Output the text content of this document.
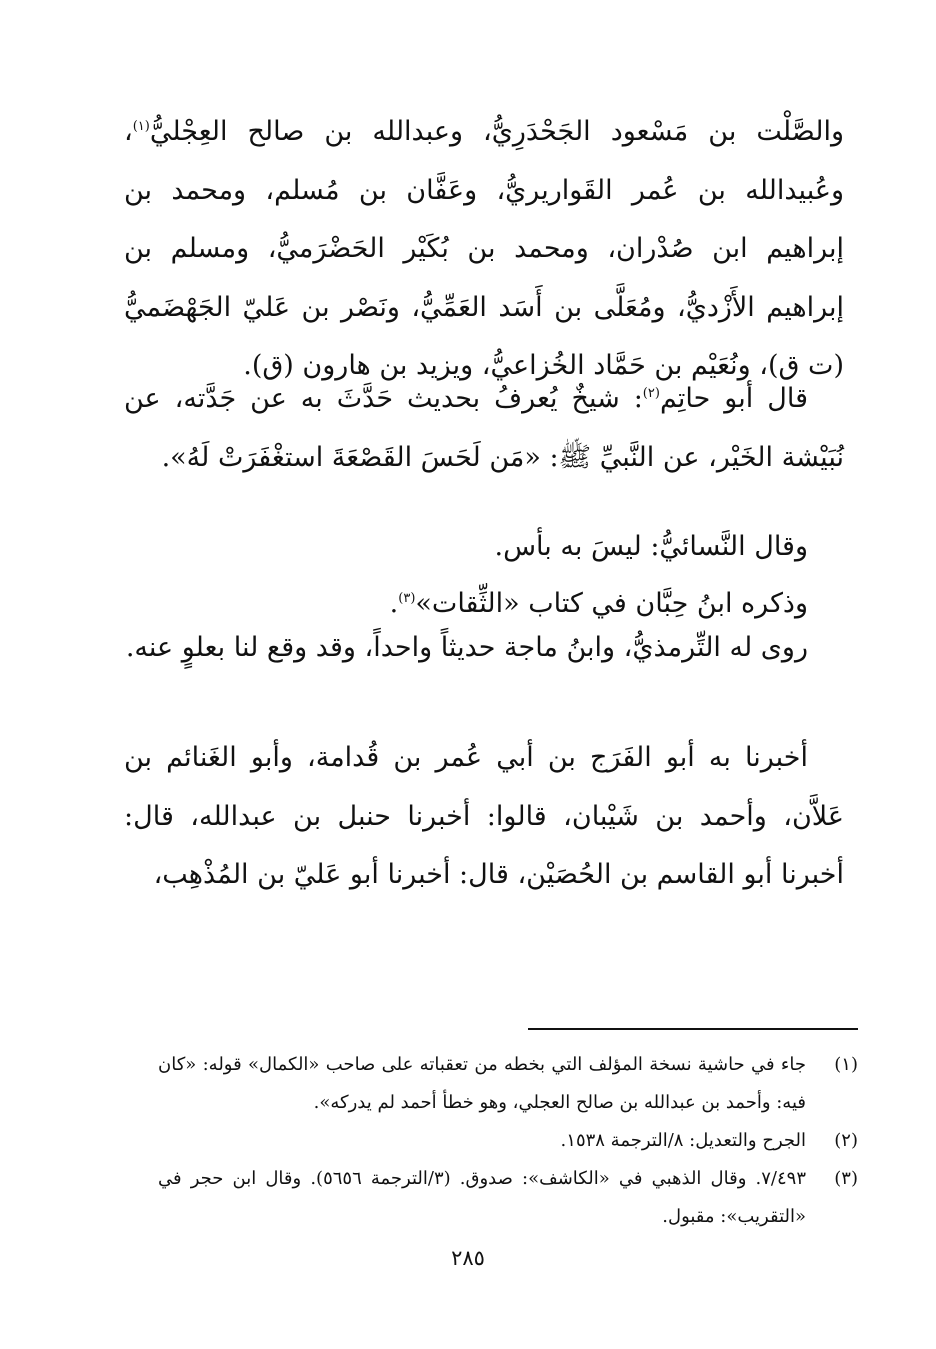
والصَّلْت بن مَسْعود الجَحْدَرِيُّ، وعبدالله بن صالح العِجْليُّ$^{(١)}$، وعُبيدالله بن عُمر القَواريريُّ، وعَفَّان بن مُسلم، ومحمد بن إبراهيم ابن صُدْران، ومحمد بن بُكَيْر الحَضْرَميُّ، ومسلم بن إبراهيم الأَزْديُّ، ومُعَلَّى بن أَسَد العَمِّيُّ، ونَصْر بن عَليّ الجَهْضَميُّ (ت ق)، ونُعَيْم بن حَمَّاد الخُزاعيُّ، ويزيد بن هارون (ق).

قال أبو حاتِم$^{(٢)}$: شيخٌ يُعرفُ بحديث حَدَّثَ به عن جَدَّته، عن نُبَيْشة الخَيْر، عن النَّبيِّ ﷺ: «مَن لَحَسَ القَصْعَةَ استغْفَرَتْ لَهُ».

وقال النَّسائيُّ: ليسَ به بأس.

وذكره ابنُ حِبَّان في كتاب «الثِّقات»$^{(٣)}$.

روى له التِّرمذيُّ، وابنُ ماجة حديثاً واحداً، وقد وقع لنا بعلوٍ عنه.

أخبرنا به أبو الفَرَج بن أبي عُمر بن قُدامة، وأبو الغَنائم بن عَلاَّن، وأحمد بن شَيْبان، قالوا: أخبرنا حنبل بن عبدالله، قال: أخبرنا أبو القاسم بن الحُصَيْن، قال: أخبرنا أبو عَليّ بن المُذْهِب،

(١)
جاء في حاشية نسخة المؤلف التي بخطه من تعقباته على صاحب «الكمال» قوله: «كان فيه: وأحمد بن عبدالله بن صالح العجلي، وهو خطأ أحمد لم يدركه».
(٢)
الجرح والتعديل: ٨/الترجمة ١٥٣٨.
(٣)
٧/٤٩٣. وقال الذهبي في «الكاشف»: صدوق. (٣/الترجمة ٥٦٥٦). وقال ابن حجر في «التقريب»: مقبول.
٢٨٥
